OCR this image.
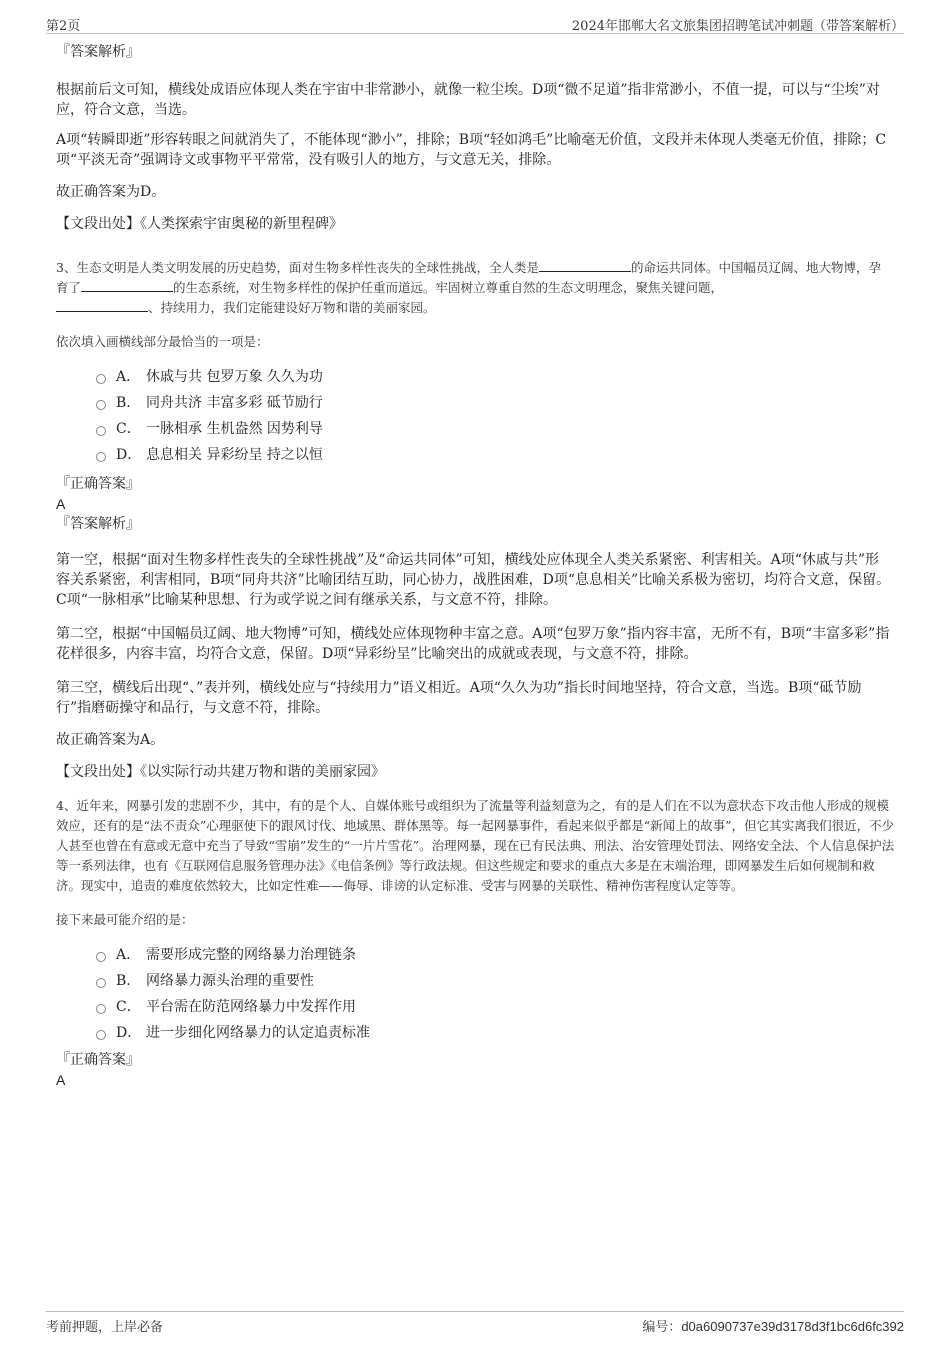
第2页	2024年邯郸大名文旅集团招聘笔试冲刺题（带答案解析）
『答案解析』
根据前后文可知，横线处成语应体现人类在宇宙中非常渺小，就像一粒尘埃。D项“微不足道”指非常渺小，不值一提，可以与“尘埃”对应，符合文意，当选。
A项“转瞬即逝”形容转眼之间就消失了，不能体现“渺小”，排除；B项“轻如鸿毛”比喻毫无价值，文段并未体现人类毫无价值，排除；C项“平淡无奇”强调诗文或事物平平常常，没有吸引人的地方，与文意无关，排除。
故正确答案为D。
【文段出处】《人类探索宇宙奥秘的新里程碑》
3、生态文明是人类文明发展的历史趋势，面对生物多样性丧失的全球性挑战，全人类是	的命运共同体。中国幅员辽阔、地大物博，孕育了	的生态系统，对生物多样性的保护任重而道远。牢固树立尊重自然的生态文明理念，聚焦关键问题，
、持续用力，我们定能建设好万物和谐的美丽家园。
依次填入画横线部分最恰当的一项是：
A． 休戚与共 包罗万象 久久为功
B.	同舟共济 丰富多彩 砥节励行
C． 一脉相承 生机盎然 因势利导
D． 息息相关 异彩纷呈 持之以恒
『正确答案』
A
『答案解析』
第一空，根据“面对生物多样性丧失的全球性挑战”及“命运共同体”可知，横线处应体现全人类关系紧密、利害相关。A项“休戚与共”形容关系紧密，利害相同，B项“同舟共济”比喻团结互助，同心协力，战胜困难，D项“息息相关”比喻关系极为密切，均符合文意，保留。C项“一脉相承”比喻某种思想、行为或学说之间有继承关系，与文意不符，排除。
第二空，根据“中国幅员辽阔、地大物博”可知，横线处应体现物种丰富之意。A项“包罗万象”指内容丰富，无所不有，B项“丰富多彩”指花样很多，内容丰富，均符合文意，保留。D项“异彩纷呈”比喻突出的成就或表现，与文意不符，排除。
第三空，横线后出现“、”表并列，横线处应与“持续用力”语义相近。A项“久久为功”指长时间地坚持，符合文意，当选。B项“砥节励行”指磨砺操守和品行，与文意不符，排除。
故正确答案为A。
【文段出处】《以实际行动共建万物和谐的美丽家园》
4、近年来，网暴引发的悲剧不少，其中，有的是个人、自媒体账号或组织为了流量等利益刻意为之，有的是人们在不以为意状态下攻击他人形成的规模效应，还有的是“法不责众”心理驱使下的跟风讨伐、地域黑、群体黑等。每一起网暴事件，看起来似乎都是“新闻上的故事”，但它其实离我们很近，不少人甚至也曾在有意或无意中充当了导致“雪崩”发生的“一片片雪花”。治理网暴，现在已有民法典、刑法、治安管理处罚法、网络安全法、个人信息保护法等一系列法律，也有《互联网信息服务管理办法》《电信条例》等行政法规。但这些规定和要求的重点大多是在末端治理，即网暴发生后如何规制和救济。现实中，追责的难度依然较大，比如定性难——侮辱、诽谤的认定标准、受害与网暴的关联性、精神伤害程度认定等等。
接下来最可能介绍的是：
A． 需要形成完整的网络暴力治理链条
B.	网络暴力源头治理的重要性
C． 平台需在防范网络暴力中发挥作用
D． 进一步细化网络暴力的认定追责标准
『正确答案』
A
考前押题，上岸必备	编号：d0a6090737e39d3178d3f1bc6d6fc392
